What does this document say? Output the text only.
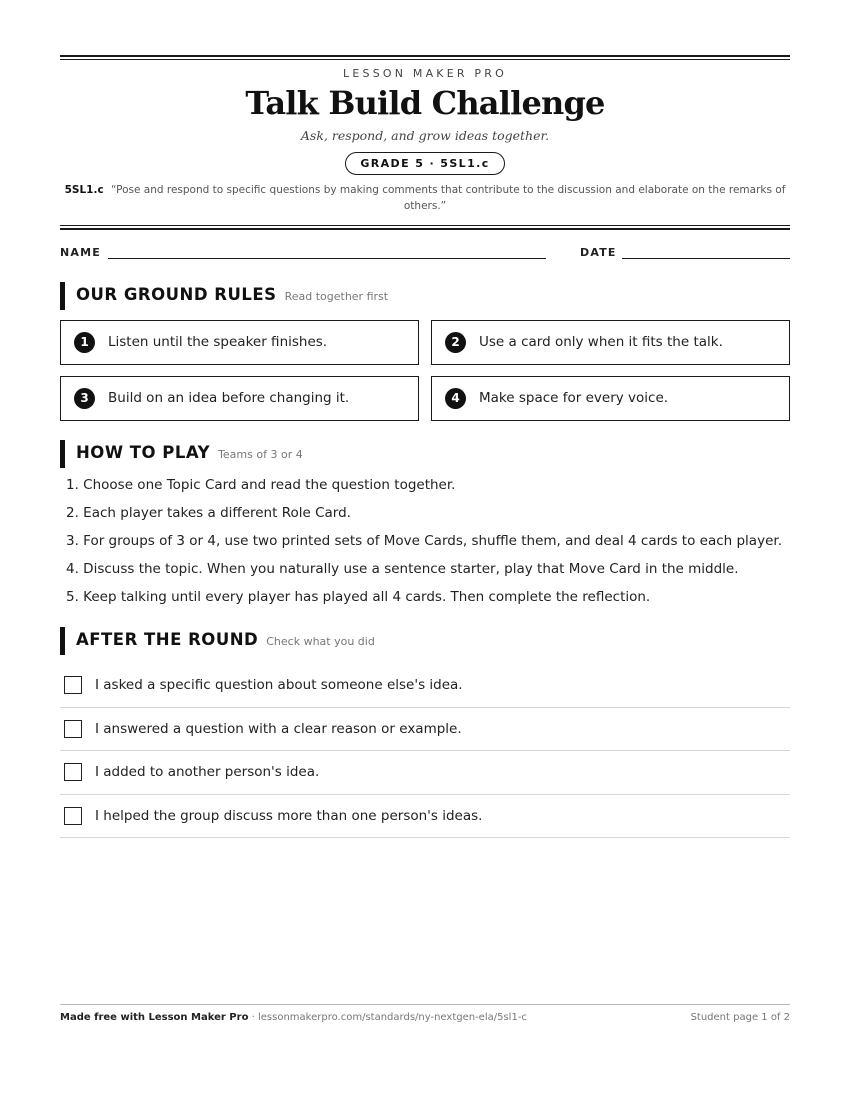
LESSON MAKER PRO
Talk Build Challenge
Ask, respond, and grow ideas together.
GRADE 5 · 5SL1.c
5SL1.c “Pose and respond to specific questions by making comments that contribute to the discussion and elaborate on the remarks of others.”
NAME	DATE
OUR GROUND RULES Read together first
1	Listen until the speaker finishes.	2	Use a card only when it fits the talk.
3	Build on an idea before changing it.	4	Make space for every voice.
HOW TO PLAY Teams of 3 or 4
1. Choose one Topic Card and read the question together.
2. Each player takes a different Role Card.
3. For groups of 3 or 4, use two printed sets of Move Cards, shuffle them, and deal 4 cards to each player.
4. Discuss the topic. When you naturally use a sentence starter, play that Move Card in the middle.
5. Keep talking until every player has played all 4 cards. Then complete the reflection.
AFTER THE ROUND Check what you did
I asked a specific question about someone else's idea.
I answered a question with a clear reason or example.
I added to another person's idea.
I helped the group discuss more than one person's ideas.
Made free with Lesson Maker Pro · lessonmakerpro.com/standards/ny-nextgen-ela/5sl1-c	Student page 1 of 2
